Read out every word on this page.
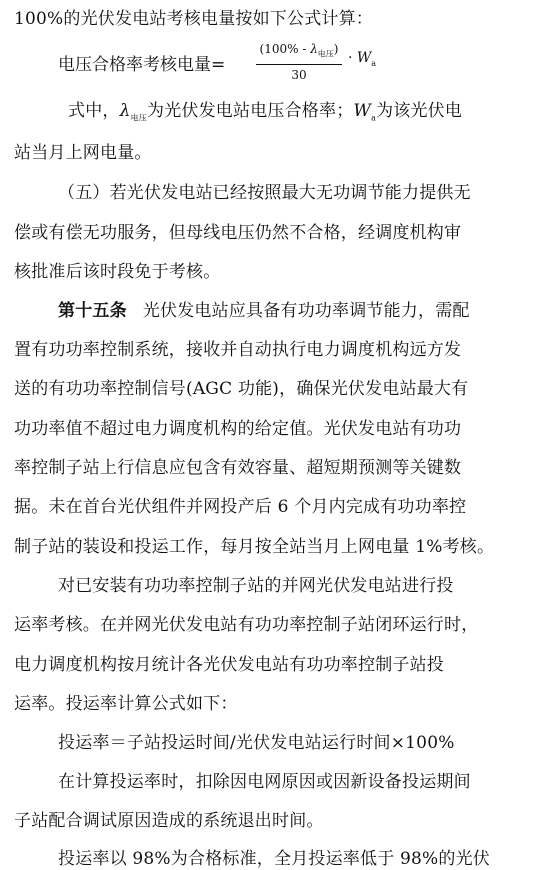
100%的光伏发电站考核电量按如下公式计算：
电压合格率考核电量=
$(100\% - \lambda_{电压})$
30
· $W_a$
式中，$\lambda_{电压}$为光伏发电站电压合格率；$W_a$为该光伏电
站当月上网电量。
（五）若光伏发电站已经按照最大无功调节能力提供无
偿或有偿无功服务，但母线电压仍然不合格，经调度机构审
核批准后该时段免于考核。
第十五条 光伏发电站应具备有功功率调节能力，需配
置有功功率控制系统，接收并自动执行电力调度机构远方发
送的有功功率控制信号(AGC 功能)，确保光伏发电站最大有
功功率值不超过电力调度机构的给定值。光伏发电站有功功
率控制子站上行信息应包含有效容量、超短期预测等关键数
据。未在首台光伏组件并网投产后 6 个月内完成有功功率控
制子站的装设和投运工作，每月按全站当月上网电量 1%考核。
对已安装有功功率控制子站的并网光伏发电站进行投
运率考核。在并网光伏发电站有功功率控制子站闭环运行时，
电力调度机构按月统计各光伏发电站有功功率控制子站投
运率。投运率计算公式如下：
投运率＝子站投运时间/光伏发电站运行时间×100%
在计算投运率时，扣除因电网原因或因新设备投运期间
子站配合调试原因造成的系统退出时间。
投运率以 98%为合格标准，全月投运率低于 98%的光伏
